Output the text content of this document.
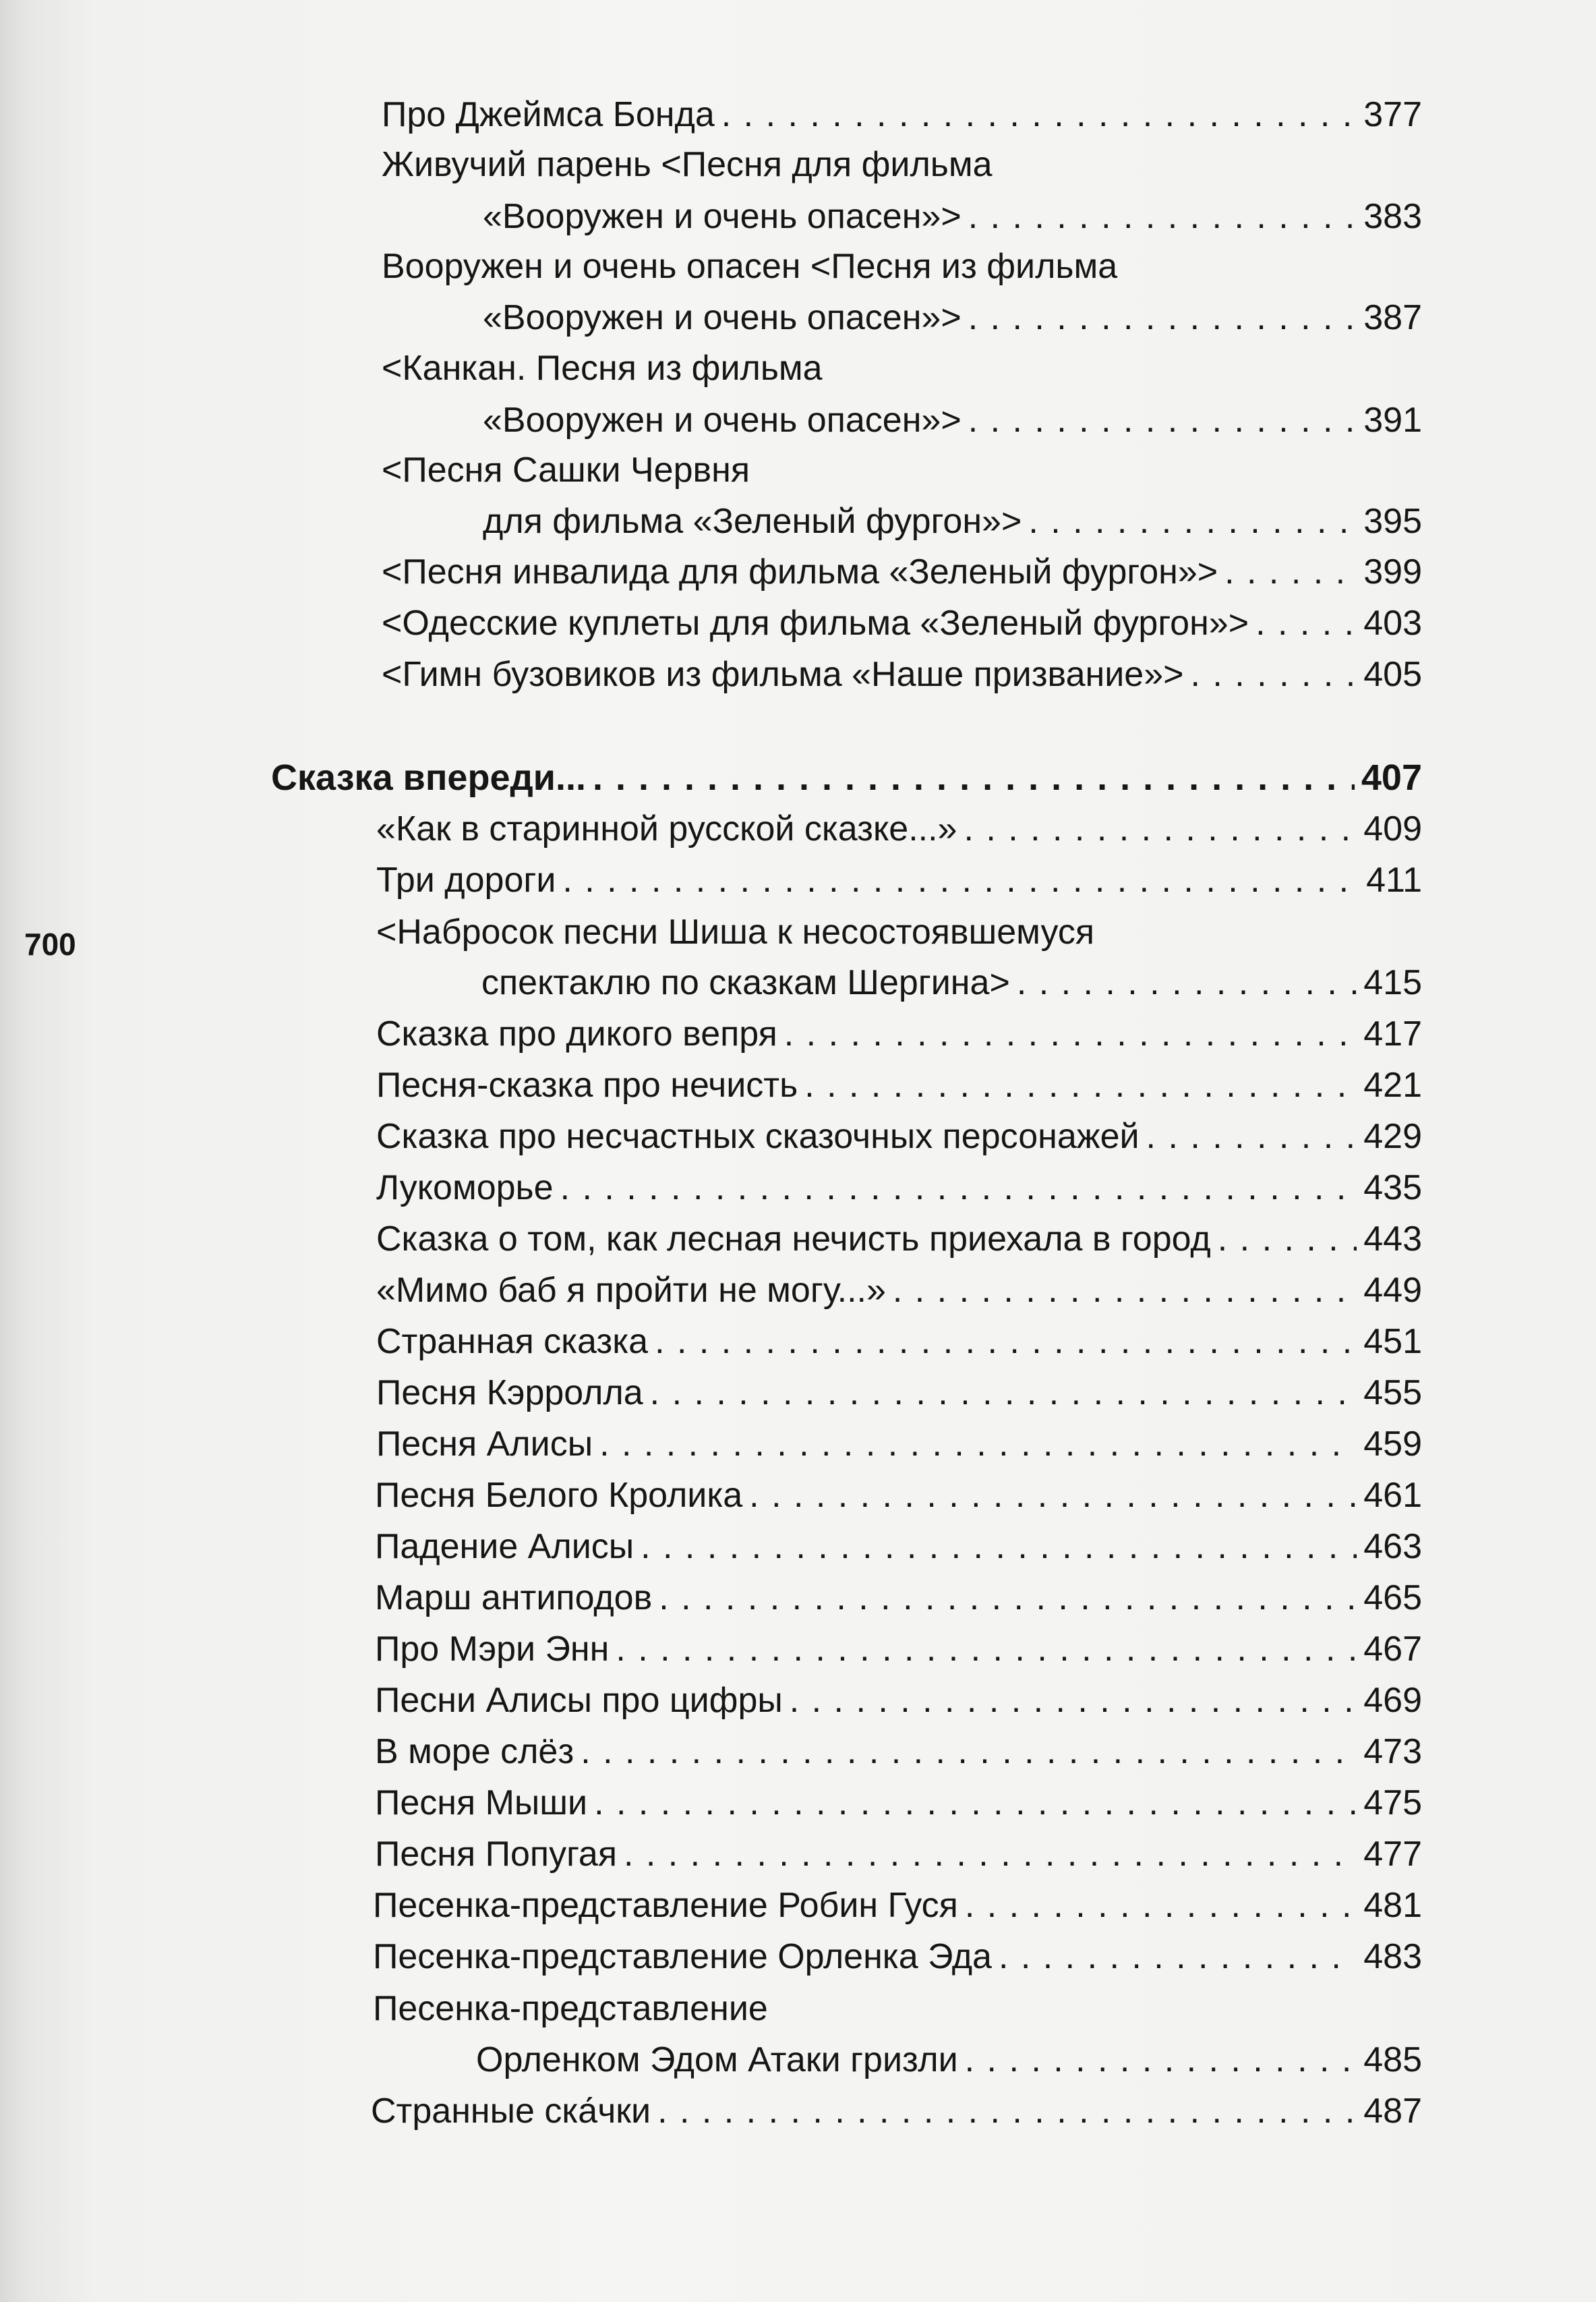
700
Про Джеймса Бонда . . .	377
Живучий парень <Песня для фильма
«Вооружен и очень опасен»> . . .	383
Вооружен и очень опасен <Песня из фильма
«Вооружен и очень опасен»> . . .	387
<Канкан. Песня из фильма
«Вооружен и очень опасен»> . . .	391
<Песня Сашки Червня
для фильма «Зеленый фургон»> . . .	395
<Песня инвалида для фильма «Зеленый фургон»> . . .	399
<Одесские куплеты для фильма «Зеленый фургон»> . . .	403
<Гимн бузовиков из фильма «Наше призвание»> . . .	405
Сказка впереди... . . .	407
«Как в старинной русской сказке...» . . .	409
Три дороги . . .	411
<Набросок песни Шиша к несостоявшемуся
спектаклю по сказкам Шергина> . . .	415
Сказка про дикого вепря . . .	417
Песня-сказка про нечисть . . .	421
Сказка про несчастных сказочных персонажей . . .	429
Лукоморье . . .	435
Сказка о том, как лесная нечисть приехала в город . . .	443
«Мимо баб я пройти не могу...» . . .	449
Странная сказка . . .	451
Песня Кэрролла . . .	455
Песня Алисы . . .	459
Песня Белого Кролика . . .	461
Падение Алисы . . .	463
Марш антиподов . . .	465
Про Мэри Энн . . .	467
Песни Алисы про цифры . . .	469
В море слёз . . .	473
Песня Мыши . . .	475
Песня Попугая . . .	477
Песенка-представление Робин Гуся . . .	481
Песенка-представление Орленка Эда . . .	483
Песенка-представление
Орленком Эдом Атаки гризли . . .	485
Странные ска́чки . . .	487
